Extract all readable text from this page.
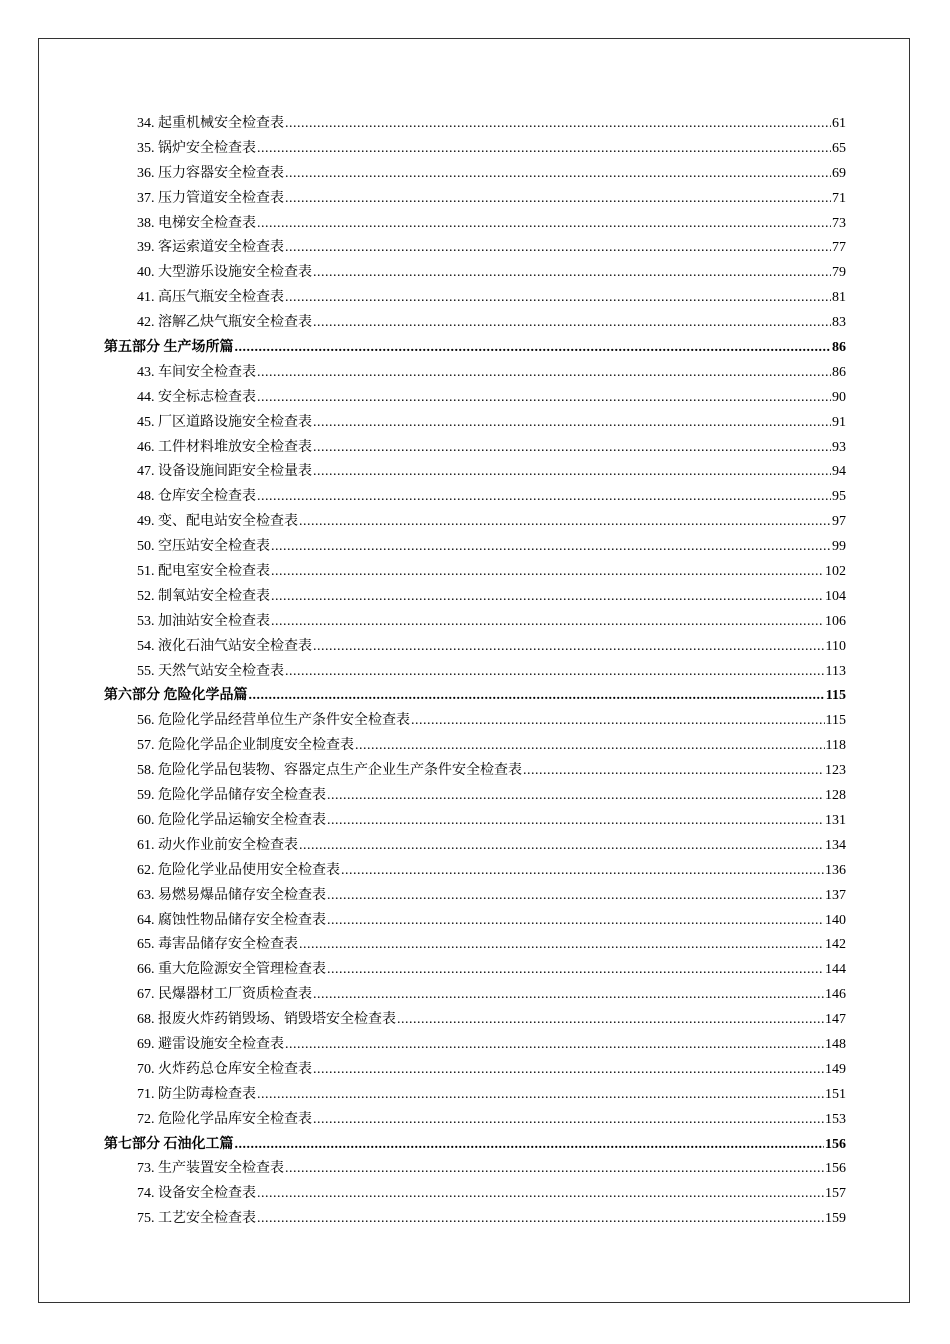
34. 起重机械安全检查表 .....	61
35. 锅炉安全检查表 .....	65
36. 压力容器安全检查表 .....	69
37. 压力管道安全检查表 .....	71
38. 电梯安全检查表 .....	73
39. 客运索道安全检查表 .....	77
40. 大型游乐设施安全检查表 .....	79
41. 高压气瓶安全检查表 .....	81
42. 溶解乙炔气瓶安全检查表 .....	83
第五部分 生产场所篇 .....	86
43. 车间安全检查表 .....	86
44. 安全标志检查表 .....	90
45. 厂区道路设施安全检查表 .....	91
46. 工件材料堆放安全检查表 .....	93
47. 设备设施间距安全检量表 .....	94
48. 仓库安全检查表 .....	95
49. 变、配电站安全检查表 .....	97
50. 空压站安全检查表 .....	99
51. 配电室安全检查表 .....	102
52. 制氧站安全检查表 .....	104
53. 加油站安全检查表 .....	106
54. 液化石油气站安全检查表 .....	110
55. 天然气站安全检查表 .....	113
第六部分 危险化学品篇 .....	115
56. 危险化学品经营单位生产条件安全检查表 .....	115
57. 危险化学品企业制度安全检查表 .....	118
58. 危险化学品包装物、容器定点生产企业生产条件安全检查表 .....	123
59. 危险化学品储存安全检查表 .....	128
60. 危险化学品运输安全检查表 .....	131
61. 动火作业前安全检查表 .....	134
62. 危险化学业品使用安全检查表 .....	136
63. 易燃易爆品储存安全检查表 .....	137
64. 腐蚀性物品储存安全检查表 .....	140
65. 毒害品储存安全检查表 .....	142
66. 重大危险源安全管理检查表 .....	144
67. 民爆器材工厂资质检查表 .....	146
68. 报废火炸药销毁场、销毁塔安全检查表 .....	147
69. 避雷设施安全检查表 .....	148
70. 火炸药总仓库安全检查表 .....	149
71. 防尘防毒检查表 .....	151
72. 危险化学品库安全检查表 .....	153
第七部分 石油化工篇 .....	156
73. 生产装置安全检查表 .....	156
74. 设备安全检查表 .....	157
75. 工艺安全检查表 .....	159
